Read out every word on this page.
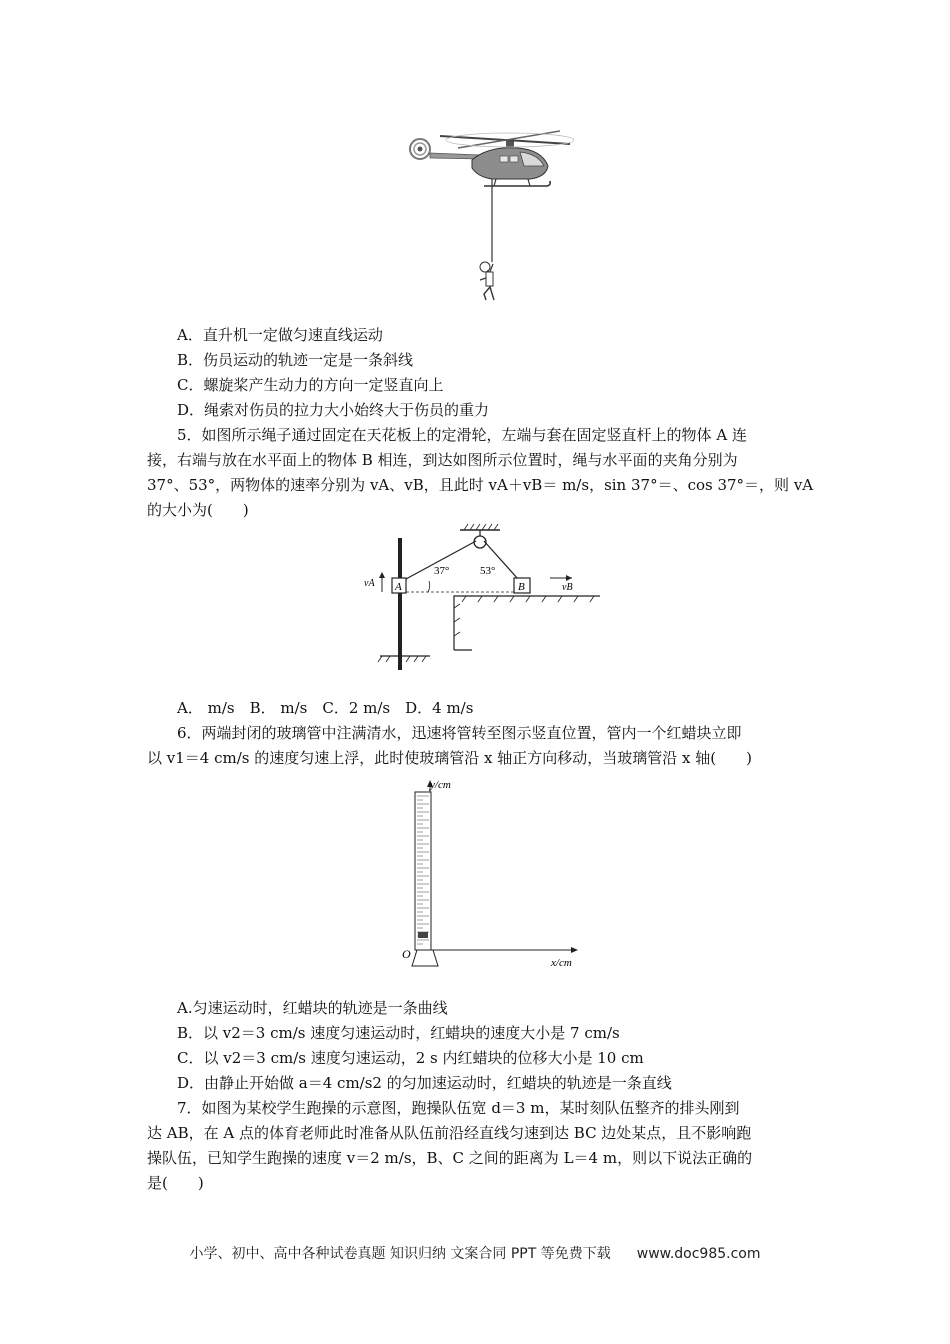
A．直升机一定做匀速直线运动
B．伤员运动的轨迹一定是一条斜线
C．螺旋桨产生动力的方向一定竖直向上
D．绳索对伤员的拉力大小始终大于伤员的重力
5．如图所示绳子通过固定在天花板上的定滑轮，左端与套在固定竖直杆上的物体 A 连
接，右端与放在水平面上的物体 B 相连，到达如图所示位置时，绳与水平面的夹角分别为
37°、53°，两物体的速率分别为 vA、vB，且此时 vA＋vB＝ m/s，sin 37°＝、cos 37°＝，则 vA
的大小为(　　)
A
37°	53°
B	vB
vA
A． m/s　B． m/s　C．2 m/s　D．4 m/s
6．两端封闭的玻璃管中注满清水，迅速将管转至图示竖直位置，管内一个红蜡块立即
以 v1＝4 cm/s 的速度匀速上浮，此时使玻璃管沿 x 轴正方向移动，当玻璃管沿 x 轴(　　)
y/cm
x/cm
O
A.匀速运动时，红蜡块的轨迹是一条曲线
B．以 v2＝3 cm/s 速度匀速运动时，红蜡块的速度大小是 7 cm/s
C．以 v2＝3 cm/s 速度匀速运动，2 s 内红蜡块的位移大小是 10 cm
D．由静止开始做 a＝4 cm/s2 的匀加速运动时，红蜡块的轨迹是一条直线
7．如图为某校学生跑操的示意图，跑操队伍宽 d＝3 m，某时刻队伍整齐的排头刚到
达 AB，在 A 点的体育老师此时准备从队伍前沿经直线匀速到达 BC 边处某点，且不影响跑
操队伍，已知学生跑操的速度 v＝2 m/s，B、C 之间的距离为 L＝4 m，则以下说法正确的
是(　　)
小学、初中、高中各种试卷真题 知识归纳 文案合同 PPT 等免费下载 www.doc985.com
